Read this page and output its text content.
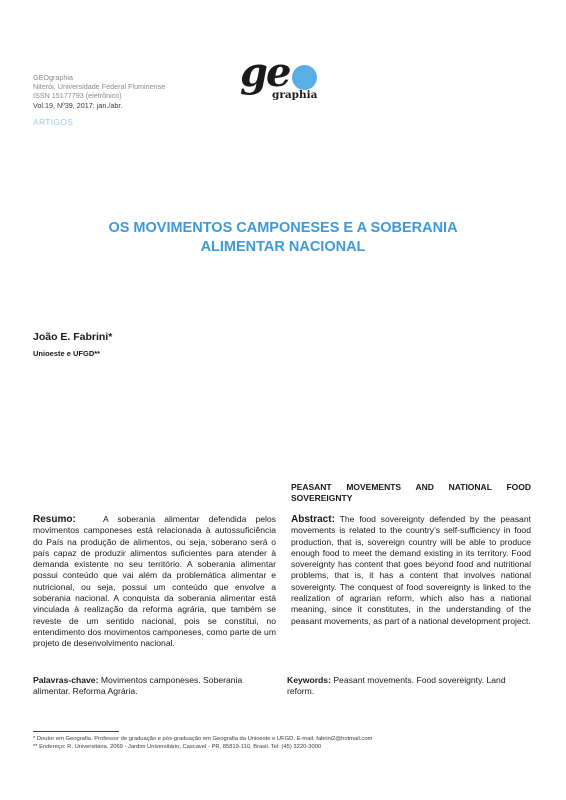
GEOgraphia
Niterói, Universidade Federal Fluminense
ISSN 15177793 (eletrônico)
Vol.19, Nº39, 2017: jan./abr.
ARTIGOS
ge
graphia
OS MOVIMENTOS CAMPONESES E A SOBERANIA ALIMENTAR NACIONAL
João E. Fabrini*
Unioeste e UFGD**
PEASANT MOVEMENTS AND NATIONAL FOOD SOVEREIGNTY
Resumo:	A soberania alimentar defendida pelos movimentos camponeses está relacionada à autossuficiência do País na produção de alimentos, ou seja, soberano será o país capaz de produzir alimentos suficientes para atender à demanda existente no seu território. A soberania alimentar possui conteúdo que vai além da problemática alimentar e nutricional, ou seja, possui um conteúdo que envolve a soberania nacional. A conquista da soberania alimentar está vinculada à realização da reforma agrária, que também se reveste de um sentido nacional, pois se constitui, no entendimento dos movimentos camponeses, como parte de um projeto de desenvolvimento nacional.
Abstract: The food sovereignty defended by the peasant movements is related to the country's self-sufficiency in food production, that is, sovereign country will be able to produce enough food to meet the demand existing in its territory. Food sovereignty has content that goes beyond food and nutritional problems, that is, it has a content that involves national sovereignty. The conquest of food sovereignty is linked to the realization of agrarian reform, which also has a national meaning, since it constitutes, in the understanding of the peasant movements, as part of a national development project.
Palavras-chave: Movimentos camponeses. Soberania alimentar. Reforma Agrária.
Keywords: Peasant movements. Food sovereignty. Land reform.
* Doutor em Geografia. Professor de graduação e pós-graduação em Geografia da Unioeste e UFGD. E-mail: fabrini2@hotmail.com
** Endereço: R. Universitária, 2069 - Jardim Universitário, Cascavel - PR, 85819-110, Brasil. Tel: (45) 3220-3000
